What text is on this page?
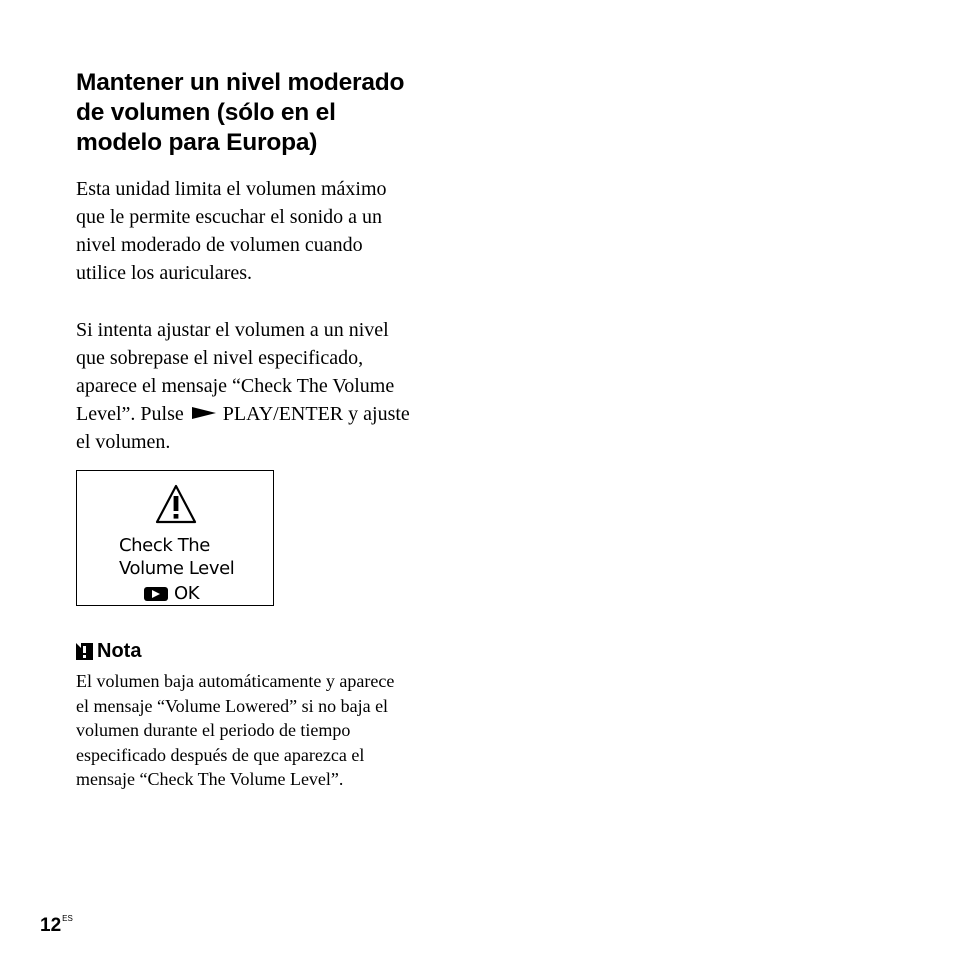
Mantener un nivel moderado
de volumen (sólo en el
modelo para Europa)

Esta unidad limita el volumen máximo
que le permite escuchar el sonido a un
nivel moderado de volumen cuando
utilice los auriculares.

Si intenta ajustar el volumen a un nivel
que sobrepase el nivel especificado,
aparece el mensaje “Check The Volume
Level”. Pulse PLAY/ENTER y ajuste
el volumen.

Check The
Volume Level
OK
Nota

El volumen baja automáticamente y aparece
el mensaje “Volume Lowered” si no baja el
volumen durante el periodo de tiempo
especificado después de que aparezca el
mensaje “Check The Volume Level”.

$12^{ES}$
